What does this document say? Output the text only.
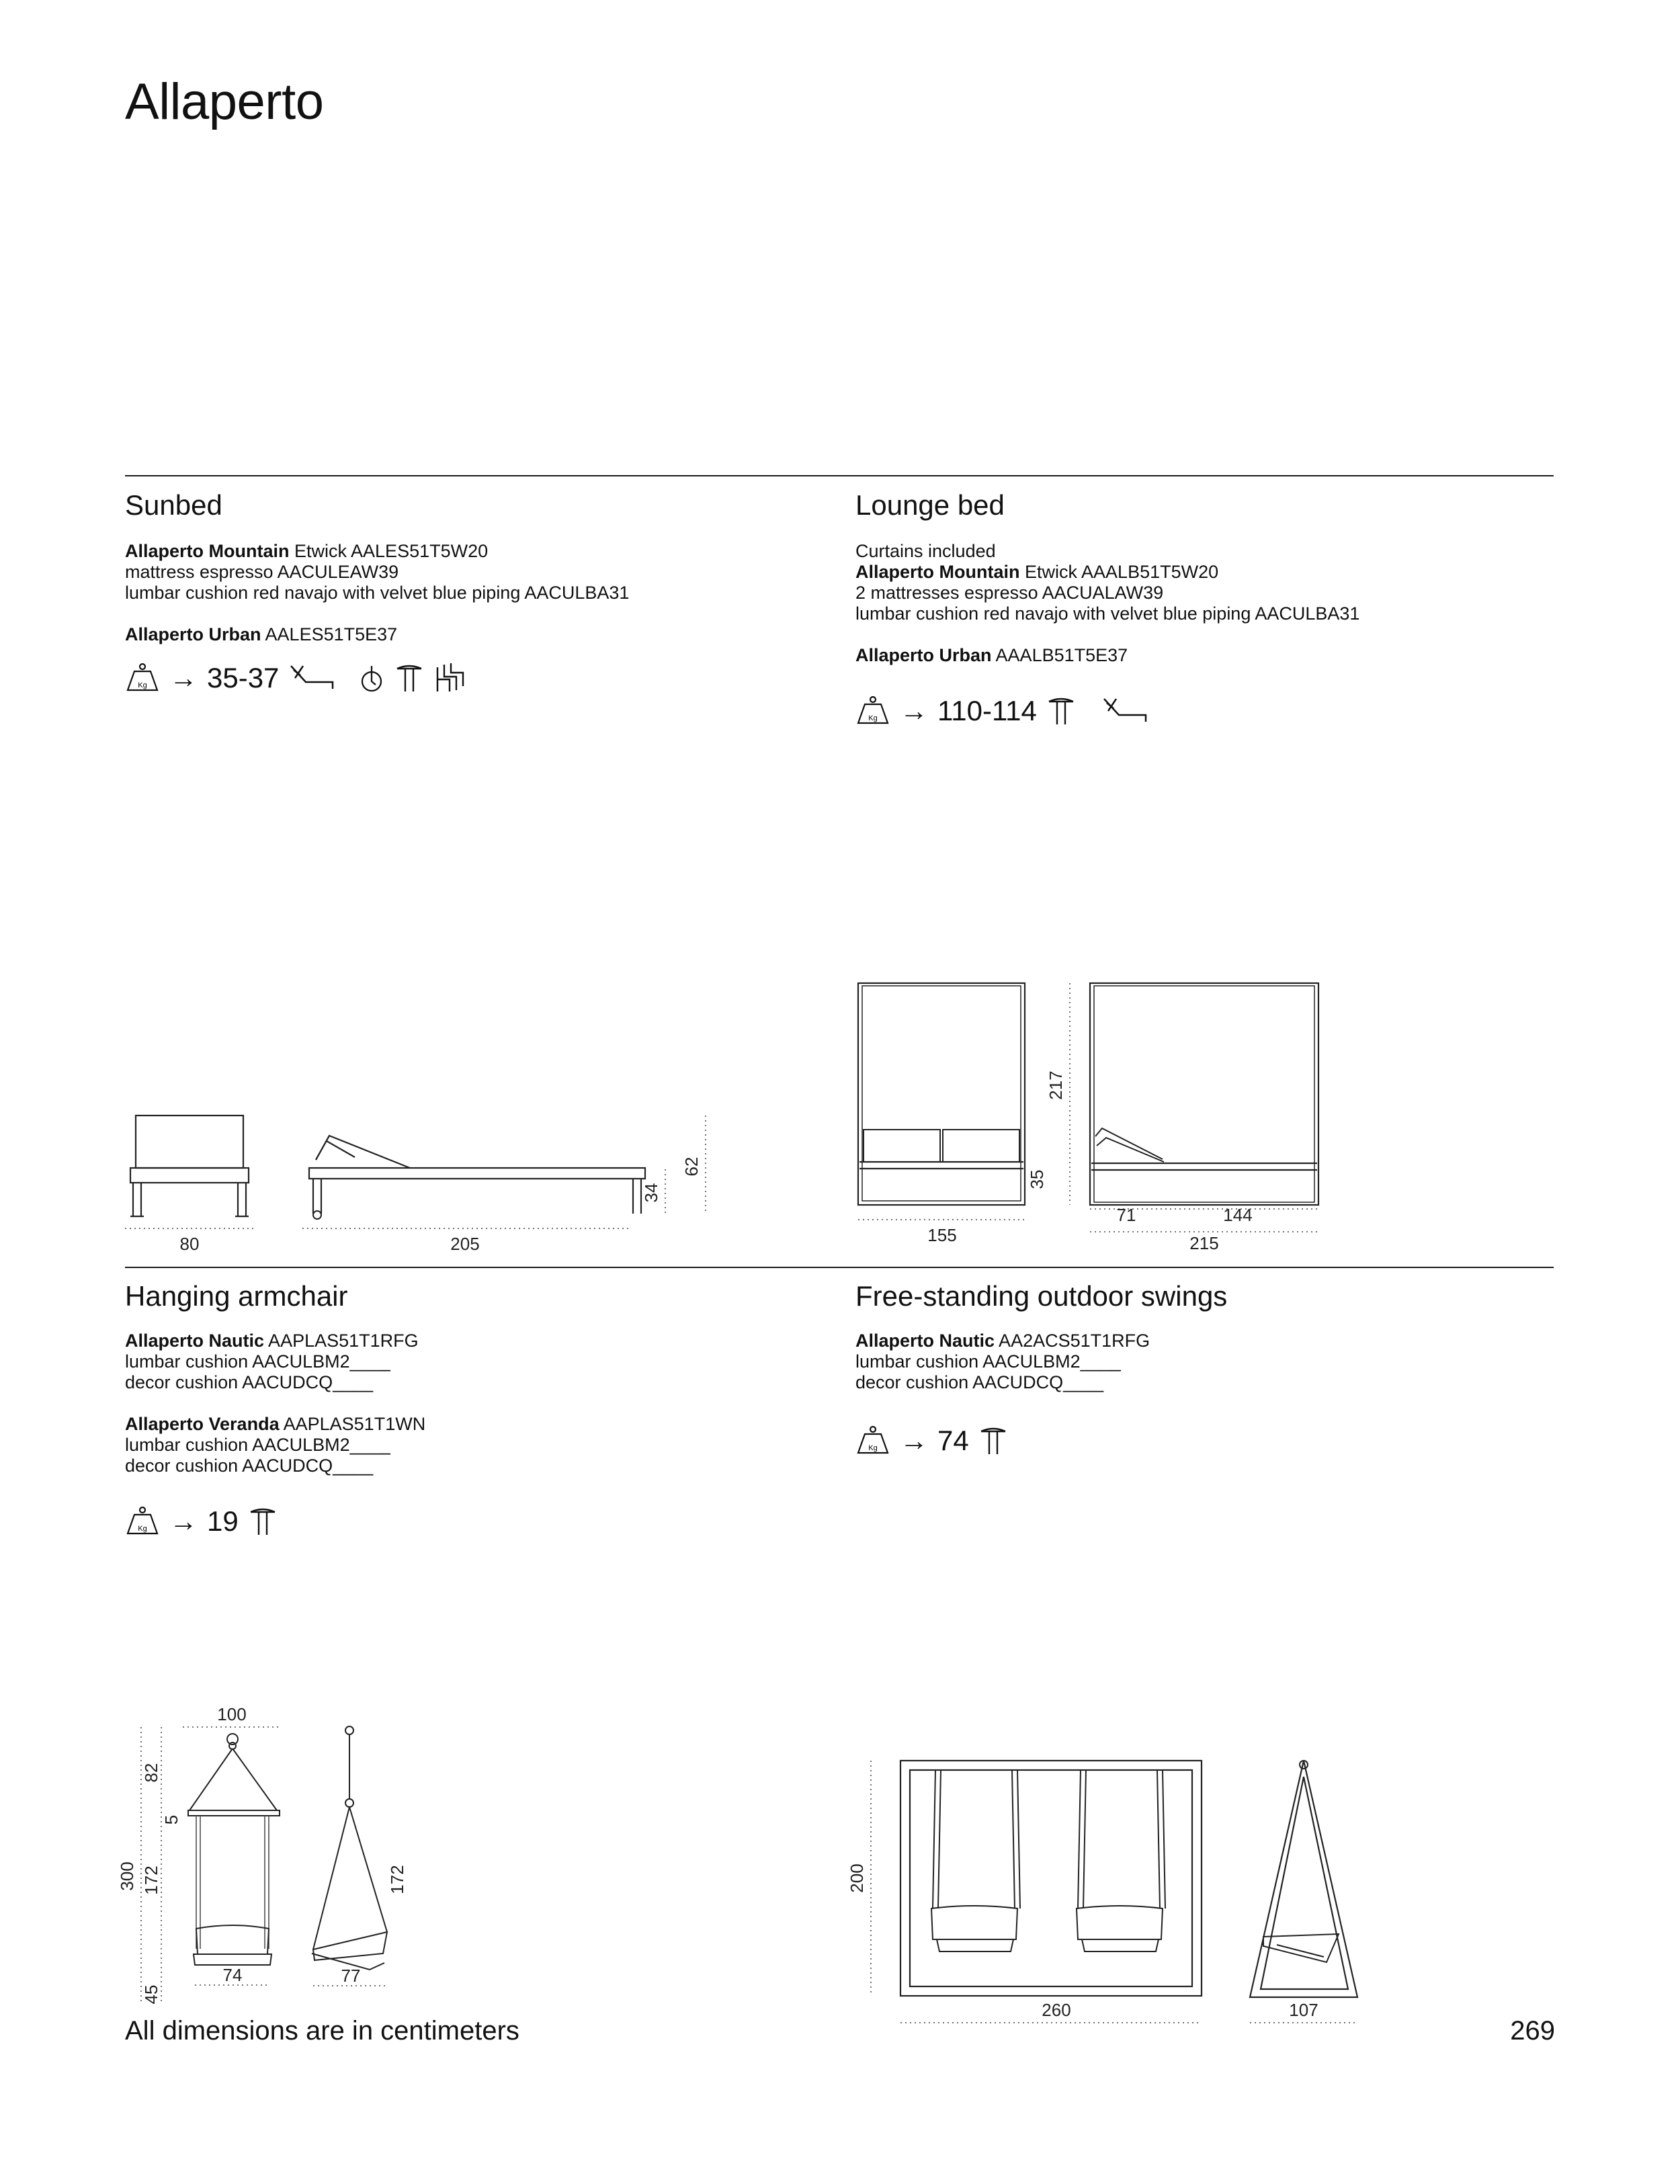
Allaperto
Sunbed
Allaperto Mountain Etwick AALES51T5W20
mattress espresso AACULEAW39
lumbar cushion red navajo with velvet blue piping AACULBA31
Allaperto Urban AALES51T5E37
Kg → 35-37
80	205
34
62
Lounge bed
Curtains included
Allaperto Mountain Etwick AAALB51T5W20
2 mattresses espresso AACUALAW39
lumbar cushion red navajo with velvet blue piping AACULBA31
Allaperto Urban AAALB51T5E37
Kg → 110-114
155
217
35
71	144
215
Hanging armchair
Allaperto Nautic AAPLAS51T1RFG
lumbar cushion AACULBM2____
decor cushion AACUDCQ____
Allaperto Veranda AAPLAS51T1WN
lumbar cushion AACULBM2____
decor cushion AACUDCQ____
Kg → 19
100
300
82
5
172
45
74	77
172
Free-standing outdoor swings
Allaperto Nautic AA2ACS51T1RFG
lumbar cushion AACULBM2____
decor cushion AACUDCQ____
Kg → 74
200
260	107
All dimensions are in centimeters	269
